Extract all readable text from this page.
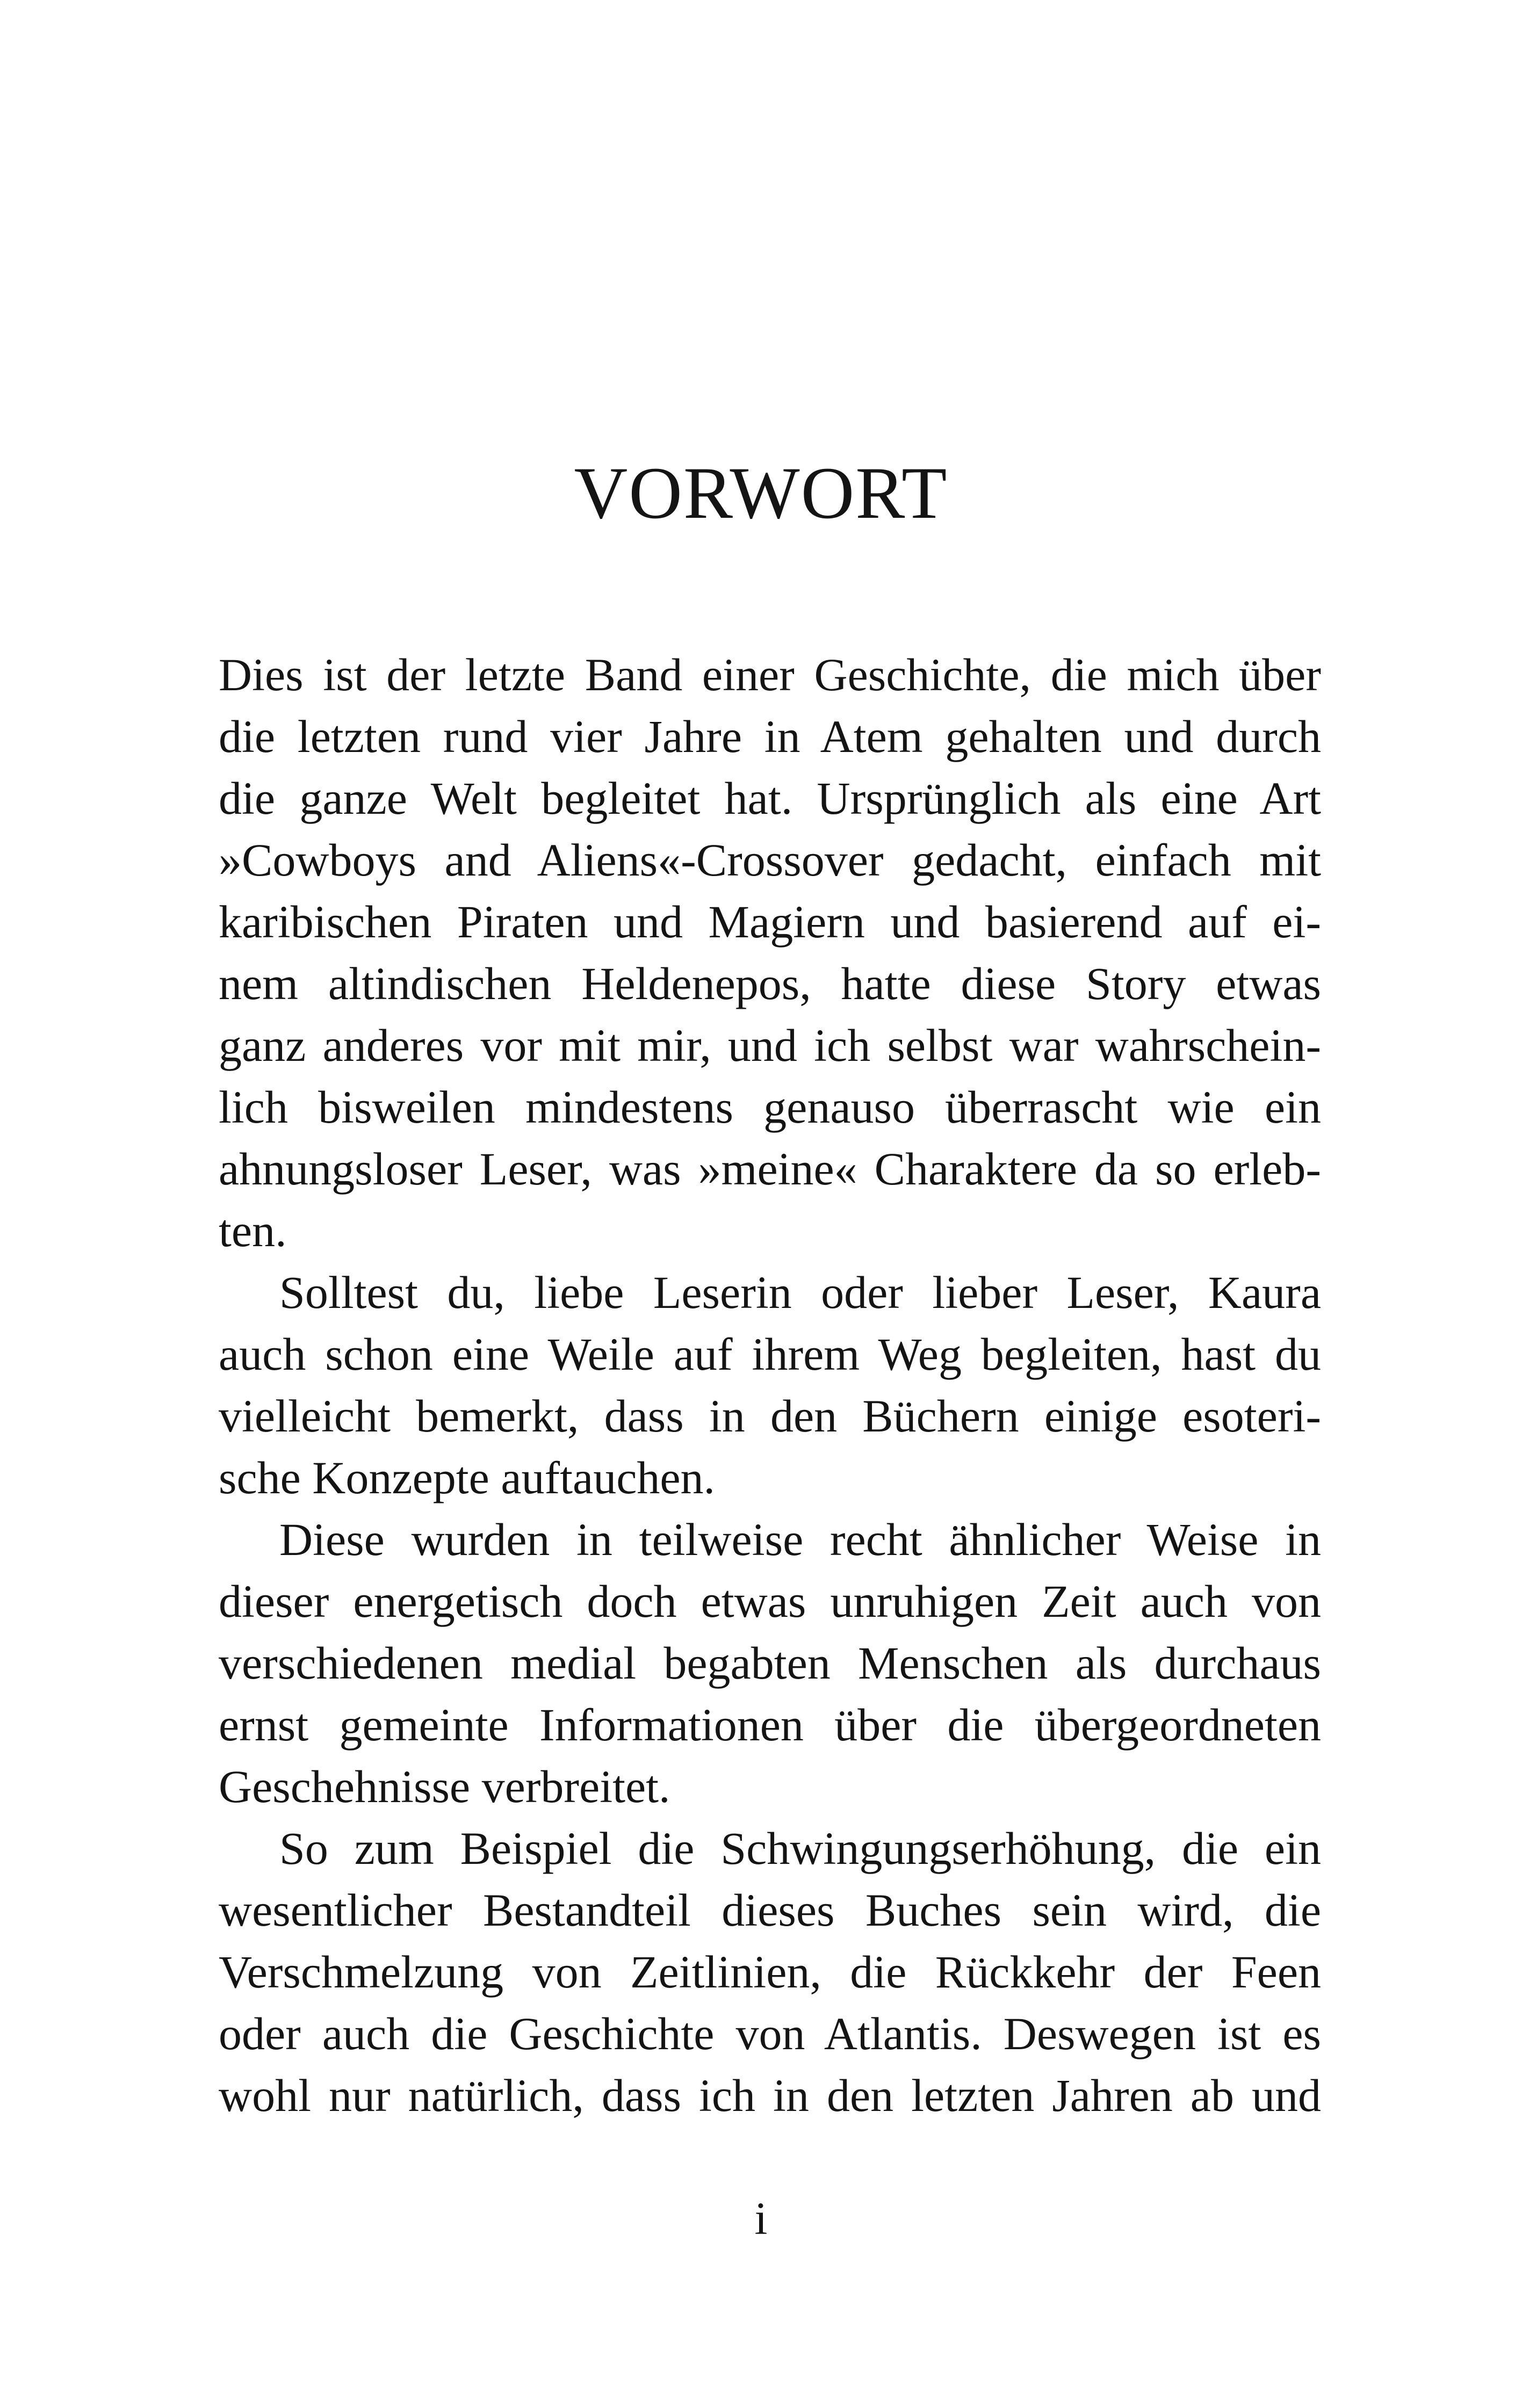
VORWORT
Dies ist der letzte Band einer Geschichte, die mich über
die letzten rund vier Jahre in Atem gehalten und durch
die ganze Welt begleitet hat. Ursprünglich als eine Art
»Cowboys and Aliens«-Crossover gedacht, einfach mit
karibischen Piraten und Magiern und basierend auf ei-
nem altindischen Heldenepos, hatte diese Story etwas
ganz anderes vor mit mir, und ich selbst war wahrschein-
lich bisweilen mindestens genauso überrascht wie ein
ahnungsloser Leser, was »meine« Charaktere da so erleb-
ten.
Solltest du, liebe Leserin oder lieber Leser, Kaura
auch schon eine Weile auf ihrem Weg begleiten, hast du
vielleicht bemerkt, dass in den Büchern einige esoteri-
sche Konzepte auftauchen.
Diese wurden in teilweise recht ähnlicher Weise in
dieser energetisch doch etwas unruhigen Zeit auch von
verschiedenen medial begabten Menschen als durchaus
ernst gemeinte Informationen über die übergeordneten
Geschehnisse verbreitet.
So zum Beispiel die Schwingungserhöhung, die ein
wesentlicher Bestandteil dieses Buches sein wird, die
Verschmelzung von Zeitlinien, die Rückkehr der Feen
oder auch die Geschichte von Atlantis. Deswegen ist es
wohl nur natürlich, dass ich in den letzten Jahren ab und
i
